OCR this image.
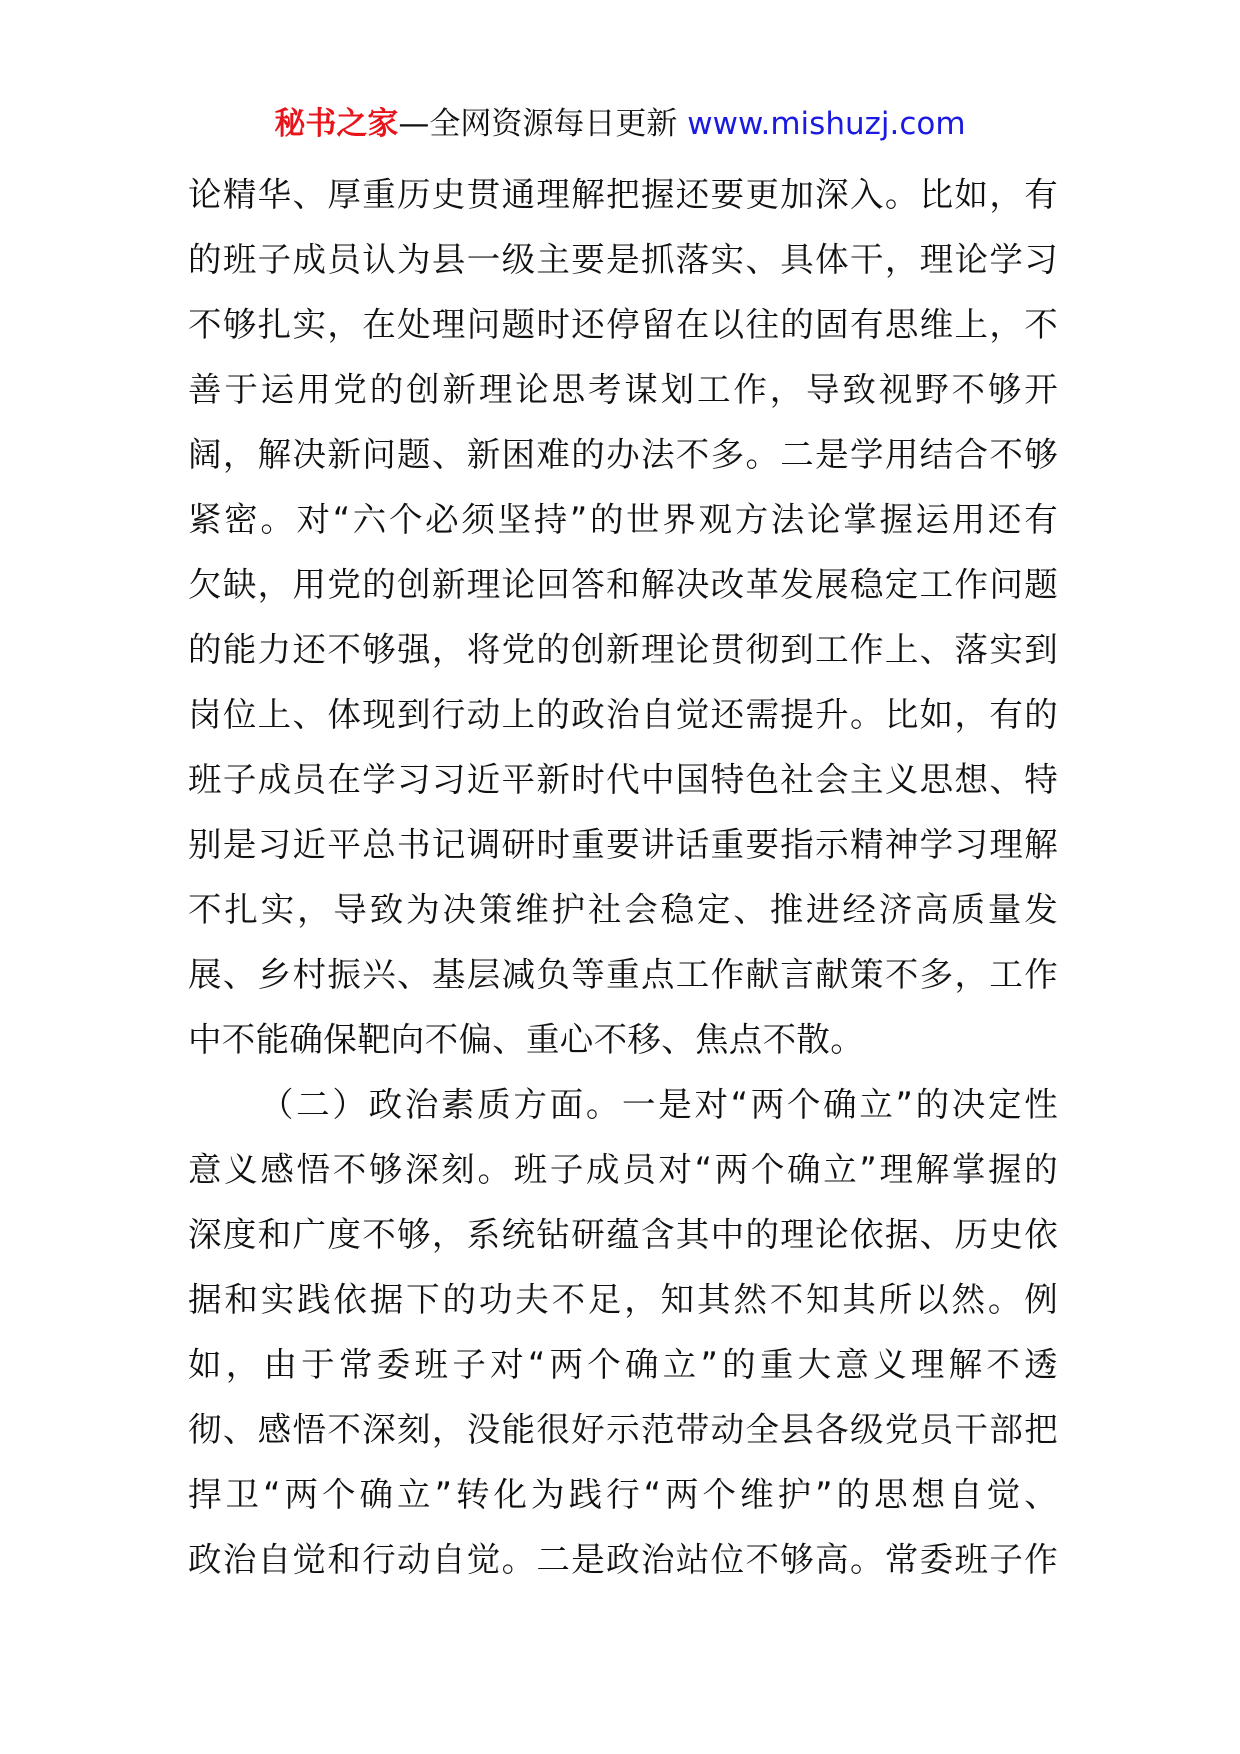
秘书之家—全网资源每日更新 www.mishuzj.com
论精华、厚重历史贯通理解把握还要更加深入。比如，有
的班子成员认为县一级主要是抓落实、具体干，理论学习
不够扎实，在处理问题时还停留在以往的固有思维上，不
善于运用党的创新理论思考谋划工作，导致视野不够开
阔，解决新问题、新困难的办法不多。二是学用结合不够
紧密。对“六个必须坚持”的世界观方法论掌握运用还有
欠缺，用党的创新理论回答和解决改革发展稳定工作问题
的能力还不够强，将党的创新理论贯彻到工作上、落实到
岗位上、体现到行动上的政治自觉还需提升。比如，有的
班子成员在学习习近平新时代中国特色社会主义思想、特
别是习近平总书记调研时重要讲话重要指示精神学习理解
不扎实，导致为决策维护社会稳定、推进经济高质量发
展、乡村振兴、基层减负等重点工作献言献策不多，工作
中不能确保靶向不偏、重心不移、焦点不散。
（二）政治素质方面。一是对“两个确立”的决定性
意义感悟不够深刻。班子成员对“两个确立”理解掌握的
深度和广度不够，系统钻研蕴含其中的理论依据、历史依
据和实践依据下的功夫不足，知其然不知其所以然。例
如，由于常委班子对“两个确立”的重大意义理解不透
彻、感悟不深刻，没能很好示范带动全县各级党员干部把
捍卫“两个确立”转化为践行“两个维护”的思想自觉、
政治自觉和行动自觉。二是政治站位不够高。常委班子作
